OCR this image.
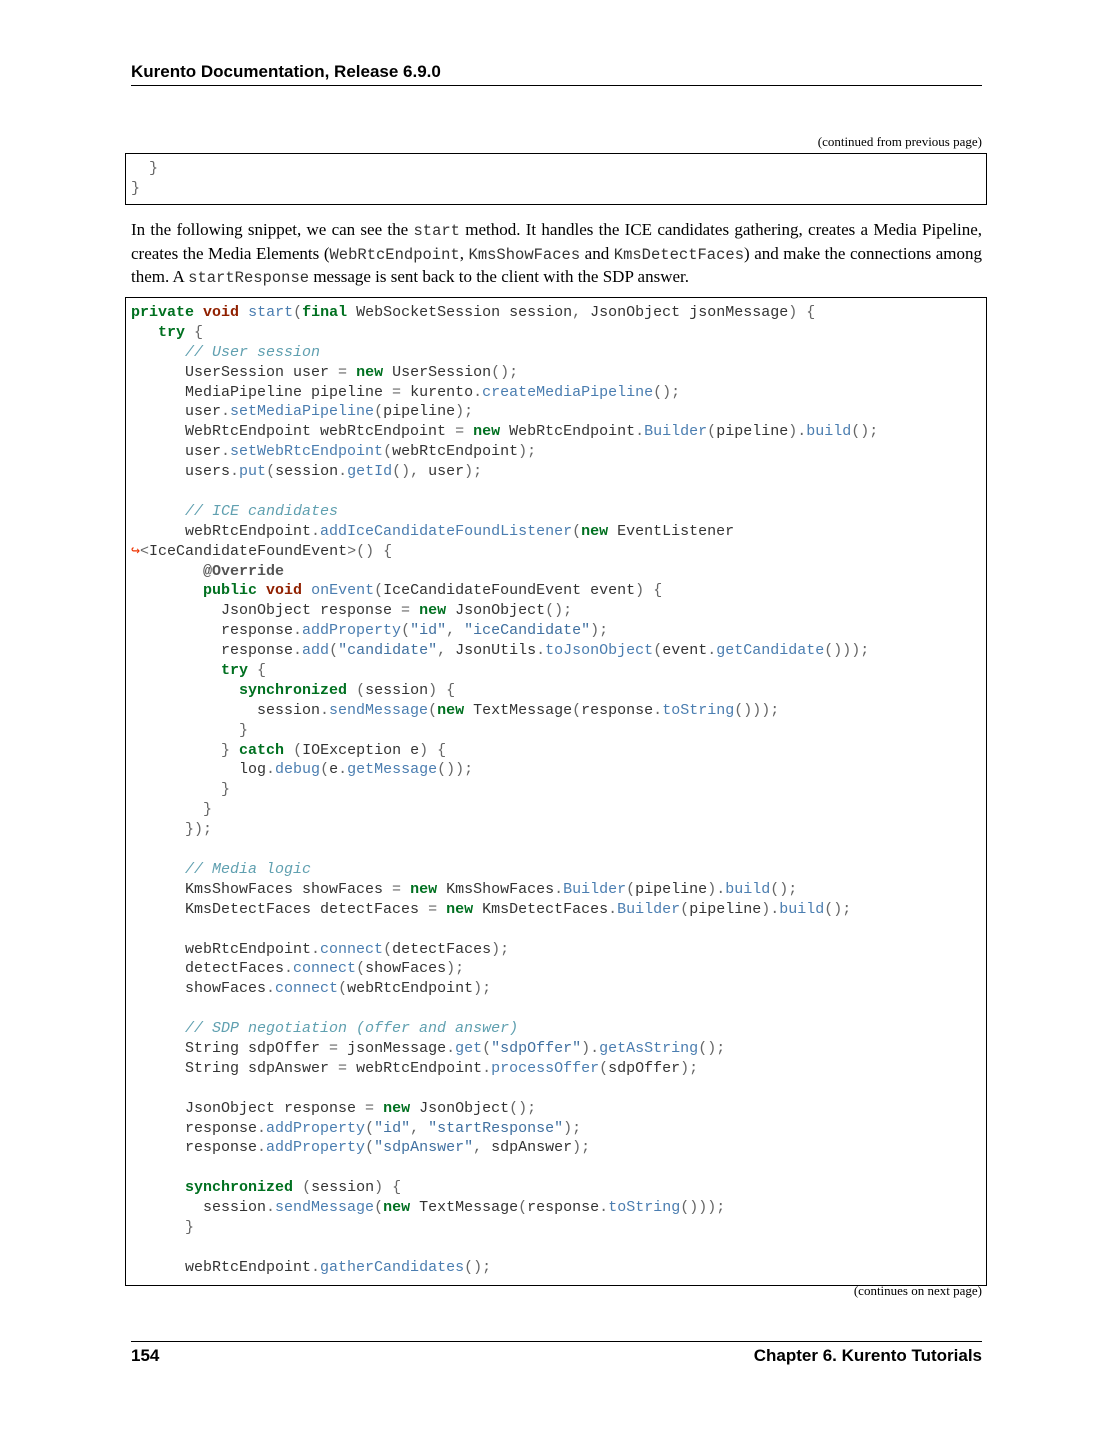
Kurento Documentation, Release 6.9.0
(continued from previous page)
}
}
In the following snippet, we can see the start method. It handles the ICE candidates gathering, creates a Media Pipeline, creates the Media Elements (WebRtcEndpoint, KmsShowFaces and KmsDetectFaces) and make the connections among them. A startResponse message is sent back to the client with the SDP answer.
private void start(final WebSocketSession session, JsonObject jsonMessage) {
try {
// User session
UserSession user = new UserSession();
MediaPipeline pipeline = kurento.createMediaPipeline();
user.setMediaPipeline(pipeline);
WebRtcEndpoint webRtcEndpoint = new WebRtcEndpoint.Builder(pipeline).build();
user.setWebRtcEndpoint(webRtcEndpoint);
users.put(session.getId(), user);

// ICE candidates
webRtcEndpoint.addIceCandidateFoundListener(new EventListener
↪<IceCandidateFoundEvent>() {
@Override
public void onEvent(IceCandidateFoundEvent event) {
JsonObject response = new JsonObject();
response.addProperty("id", "iceCandidate");
response.add("candidate", JsonUtils.toJsonObject(event.getCandidate()));
try {
synchronized (session) {
session.sendMessage(new TextMessage(response.toString()));
}
} catch (IOException e) {
log.debug(e.getMessage());
}
}
});

// Media logic
KmsShowFaces showFaces = new KmsShowFaces.Builder(pipeline).build();
KmsDetectFaces detectFaces = new KmsDetectFaces.Builder(pipeline).build();

webRtcEndpoint.connect(detectFaces);
detectFaces.connect(showFaces);
showFaces.connect(webRtcEndpoint);

// SDP negotiation (offer and answer)
String sdpOffer = jsonMessage.get("sdpOffer").getAsString();
String sdpAnswer = webRtcEndpoint.processOffer(sdpOffer);

JsonObject response = new JsonObject();
response.addProperty("id", "startResponse");
response.addProperty("sdpAnswer", sdpAnswer);

synchronized (session) {
session.sendMessage(new TextMessage(response.toString()));
}

webRtcEndpoint.gatherCandidates();
(continues on next page)
154	Chapter 6. Kurento Tutorials
